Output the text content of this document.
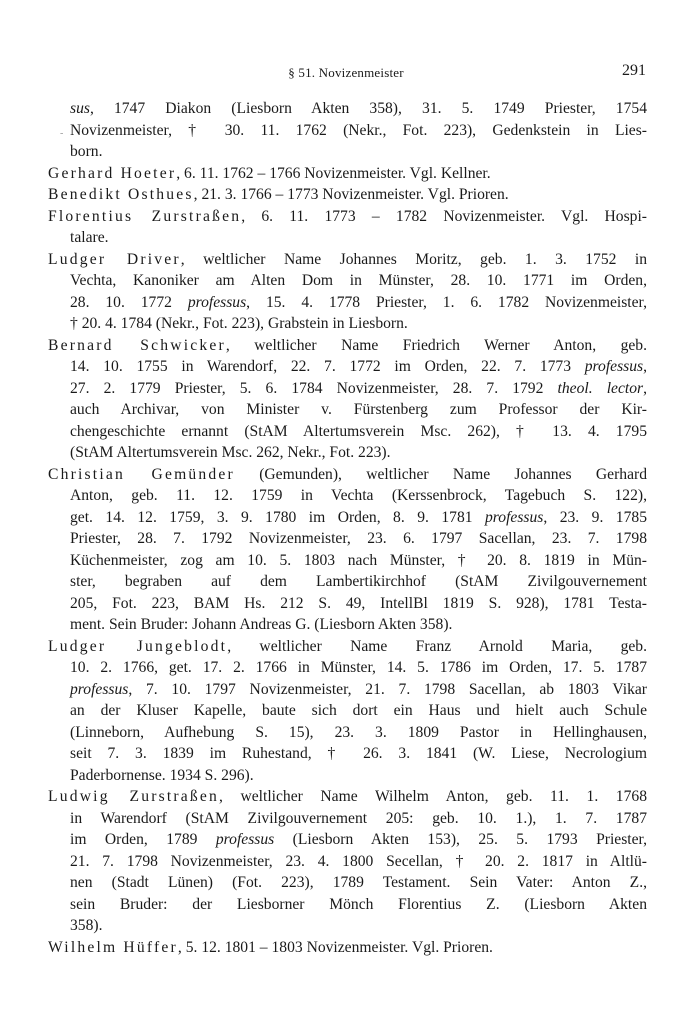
§ 51. Novizenmeister	291
-
sus, 1747 Diakon (Liesborn Akten 358), 31. 5. 1749 Priester, 1754
Novizenmeister, † 30. 11. 1762 (Nekr., Fot. 223), Gedenkstein in Lies-
born.
Gerhard Hoeter, 6. 11. 1762 – 1766 Novizenmeister. Vgl. Kellner.
Benedikt Osthues, 21. 3. 1766 – 1773 Novizenmeister. Vgl. Prioren.
Florentius Zurstraßen, 6. 11. 1773 – 1782 Novizenmeister. Vgl. Hospi-
talare.
Ludger Driver, weltlicher Name Johannes Moritz, geb. 1. 3. 1752 in
Vechta, Kanoniker am Alten Dom in Münster, 28. 10. 1771 im Orden,
28. 10. 1772 professus, 15. 4. 1778 Priester, 1. 6. 1782 Novizenmeister,
† 20. 4. 1784 (Nekr., Fot. 223), Grabstein in Liesborn.
Bernard Schwicker, weltlicher Name Friedrich Werner Anton, geb.
14. 10. 1755 in Warendorf, 22. 7. 1772 im Orden, 22. 7. 1773 professus,
27. 2. 1779 Priester, 5. 6. 1784 Novizenmeister, 28. 7. 1792 theol. lector,
auch Archivar, von Minister v. Fürstenberg zum Professor der Kir-
chengeschichte ernannt (StAM Altertumsverein Msc. 262), † 13. 4. 1795
(StAM Altertumsverein Msc. 262, Nekr., Fot. 223).
Christian Gemünder (Gemunden), weltlicher Name Johannes Gerhard
Anton, geb. 11. 12. 1759 in Vechta (Kerssenbrock, Tagebuch S. 122),
get. 14. 12. 1759, 3. 9. 1780 im Orden, 8. 9. 1781 professus, 23. 9. 1785
Priester, 28. 7. 1792 Novizenmeister, 23. 6. 1797 Sacellan, 23. 7. 1798
Küchenmeister, zog am 10. 5. 1803 nach Münster, † 20. 8. 1819 in Mün-
ster, begraben auf dem Lambertikirchhof (StAM Zivilgouvernement
205, Fot. 223, BAM Hs. 212 S. 49, IntellBl 1819 S. 928), 1781 Testa-
ment. Sein Bruder: Johann Andreas G. (Liesborn Akten 358).
Ludger Jungeblodt, weltlicher Name Franz Arnold Maria, geb.
10. 2. 1766, get. 17. 2. 1766 in Münster, 14. 5. 1786 im Orden, 17. 5. 1787
professus, 7. 10. 1797 Novizenmeister, 21. 7. 1798 Sacellan, ab 1803 Vikar
an der Kluser Kapelle, baute sich dort ein Haus und hielt auch Schule
(Linneborn, Aufhebung S. 15), 23. 3. 1809 Pastor in Hellinghausen,
seit 7. 3. 1839 im Ruhestand, † 26. 3. 1841 (W. Liese, Necrologium
Paderbornense. 1934 S. 296).
Ludwig Zurstraßen, weltlicher Name Wilhelm Anton, geb. 11. 1. 1768
in Warendorf (StAM Zivilgouvernement 205: geb. 10. 1.), 1. 7. 1787
im Orden, 1789 professus (Liesborn Akten 153), 25. 5. 1793 Priester,
21. 7. 1798 Novizenmeister, 23. 4. 1800 Secellan, † 20. 2. 1817 in Altlü-
nen (Stadt Lünen) (Fot. 223), 1789 Testament. Sein Vater: Anton Z.,
sein Bruder: der Liesborner Mönch Florentius Z. (Liesborn Akten
358).
Wilhelm Hüffer, 5. 12. 1801 – 1803 Novizenmeister. Vgl. Prioren.
